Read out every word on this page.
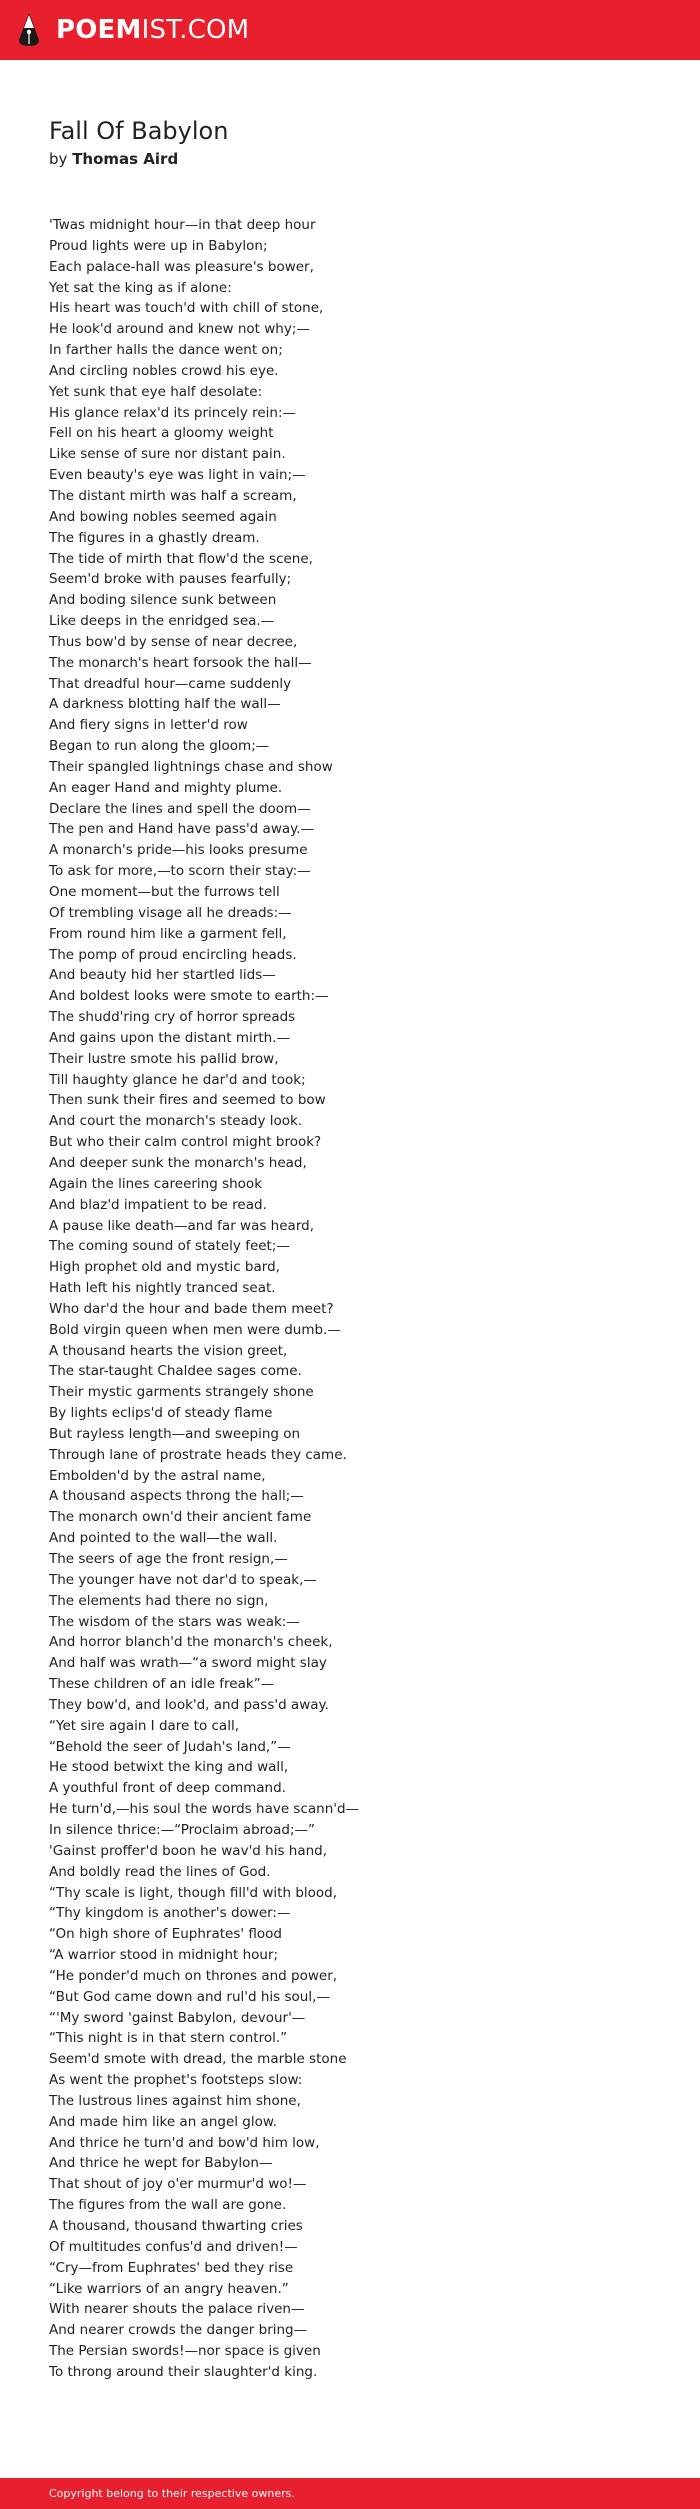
POEMIST.COM
Fall Of Babylon
by Thomas Aird
'Twas midnight hour—in that deep hour
Proud lights were up in Babylon;
Each palace-hall was pleasure's bower,
Yet sat the king as if alone:
His heart was touch'd with chill of stone,
He look'd around and knew not why;—
In farther halls the dance went on;
And circling nobles crowd his eye.
Yet sunk that eye half desolate:
His glance relax'd its princely rein:—
Fell on his heart a gloomy weight
Like sense of sure nor distant pain.
Even beauty's eye was light in vain;—
The distant mirth was half a scream,
And bowing nobles seemed again
The figures in a ghastly dream.
The tide of mirth that flow'd the scene,
Seem'd broke with pauses fearfully;
And boding silence sunk between
Like deeps in the enridged sea.—
Thus bow'd by sense of near decree,
The monarch's heart forsook the hall—
That dreadful hour—came suddenly
A darkness blotting half the wall—
And fiery signs in letter'd row
Began to run along the gloom;—
Their spangled lightnings chase and show
An eager Hand and mighty plume.
Declare the lines and spell the doom—
The pen and Hand have pass'd away.—
A monarch's pride—his looks presume
To ask for more,—to scorn their stay:—
One moment—but the furrows tell
Of trembling visage all he dreads:—
From round him like a garment fell,
The pomp of proud encircling heads.
And beauty hid her startled lids—
And boldest looks were smote to earth:—
The shudd'ring cry of horror spreads
And gains upon the distant mirth.—
Their lustre smote his pallid brow,
Till haughty glance he dar'd and took;
Then sunk their fires and seemed to bow
And court the monarch's steady look.
But who their calm control might brook?
And deeper sunk the monarch's head,
Again the lines careering shook
And blaz'd impatient to be read.
A pause like death—and far was heard,
The coming sound of stately feet;—
High prophet old and mystic bard,
Hath left his nightly tranced seat.
Who dar'd the hour and bade them meet?
Bold virgin queen when men were dumb.—
A thousand hearts the vision greet,
The star-taught Chaldee sages come.
Their mystic garments strangely shone
By lights eclips'd of steady flame
But rayless length—and sweeping on
Through lane of prostrate heads they came.
Embolden'd by the astral name,
A thousand aspects throng the hall;—
The monarch own'd their ancient fame
And pointed to the wall—the wall.
The seers of age the front resign,—
The younger have not dar'd to speak,—
The elements had there no sign,
The wisdom of the stars was weak:—
And horror blanch'd the monarch's cheek,
And half was wrath—“a sword might slay
These children of an idle freak”—
They bow'd, and look'd, and pass'd away.
“Yet sire again I dare to call,
“Behold the seer of Judah's land,”—
He stood betwixt the king and wall,
A youthful front of deep command.
He turn'd,—his soul the words have scann'd—
In silence thrice:—“Proclaim abroad;—”
'Gainst proffer'd boon he wav'd his hand,
And boldly read the lines of God.
“Thy scale is light, though fill'd with blood,
“Thy kingdom is another's dower:—
“On high shore of Euphrates' flood
“A warrior stood in midnight hour;
“He ponder'd much on thrones and power,
“But God came down and rul'd his soul,—
“'My sword 'gainst Babylon, devour'—
“This night is in that stern control.”
Seem'd smote with dread, the marble stone
As went the prophet's footsteps slow:
The lustrous lines against him shone,
And made him like an angel glow.
And thrice he turn'd and bow'd him low,
And thrice he wept for Babylon—
That shout of joy o'er murmur'd wo!—
The figures from the wall are gone.
A thousand, thousand thwarting cries
Of multitudes confus'd and driven!—
“Cry—from Euphrates' bed they rise
“Like warriors of an angry heaven.”
With nearer shouts the palace riven—
And nearer crowds the danger bring—
The Persian swords!—nor space is given
To throng around their slaughter'd king.
Copyright belong to their respective owners.
